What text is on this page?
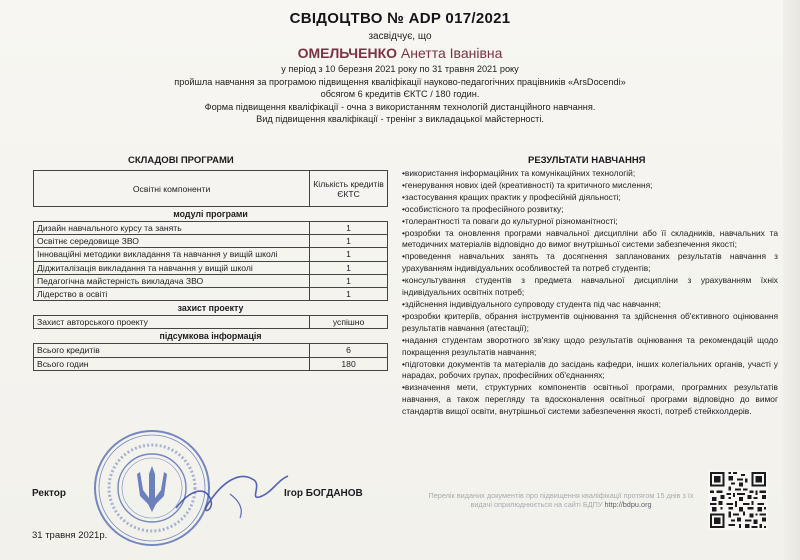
СВІДОЦТВО № ADP 017/2021
засвідчує, що
ОМЕЛЬЧЕНКО Анетта Іванівна
у період з 10 березня 2021 року по 31 травня 2021 року
пройшла навчання за програмою підвищення кваліфікації науково-педагогічних працівників «ArsDocendi»
обсягом 6 кредитів ЄКТС / 180 годин.
Форма підвищення кваліфікації - очна з використанням технологій дистанційного навчання.
Вид підвищення кваліфікації - тренінг з викладацької майстерності.
СКЛАДОВІ ПРОГРАМИ	РЕЗУЛЬТАТИ НАВЧАННЯ
Освітні компоненти	Кількість кредитів ЄКТС
модулі програми	
Дизайн навчального курсу та занять	1
Освітнє середовище ЗВО	1
Інноваційні методики викладання та навчання у вищій школі	1
Діджиталізація викладання та навчання у вищій школі	1
Педагогічна майстерність викладача ЗВО	1
Лідерство в освіті	1
захист проекту	
Захист авторського проекту	успішно
підсумкова інформація	
Всього кредитів	6
Всього годин	180
•використання інформаційних та комунікаційних технологій;
•генерування нових ідей (креативності) та критичного мислення;
•застосування кращих практик у професійній діяльності;
•особистісного та професійного розвитку;
•толерантності та поваги до культурної різноманітності;
•розробки та оновлення програми навчальної дисципліни або її складників, навчальних та методичних матеріалів відповідно до вимог внутрішньої системи забезпечення якості;
•проведення навчальних занять та досягнення запланованих результатів навчання з урахуванням індивідуальних особливостей та потреб студентів;
•консультування студентів з предмета навчальної дисципліни з урахуванням їхніх індивідуальних освітніх потреб;
•здійснення індивідуального супроводу студента під час навчання;
•розробки критеріїв, обрання інструментів оцінювання та здійснення об'єктивного оцінювання результатів навчання (атестації);
•надання студентам зворотного зв'язку щодо результатів оцінювання та рекомендацій щодо покращення результатів навчання;
•підготовки документів та матеріалів до засідань кафедри, інших колегіальних органів, участі у нарадах, робочих групах, професійних об'єднаннях;
•визначення мети, структурних компонентів освітньої програми, програмних результатів навчання, а також перегляду та вдосконалення освітньої програми відповідно до вимог стандартів вищої освіти, внутрішньої системи забезпечення якості, потреб стейкхолдерів.
Ректор	Ігор БОГДАНОВ
31 травня 2021р.
Перелік виданих документів про підвищення кваліфікації протягом 15 днів з їх видачі оприлюднюється на сайті БДПУ http://bdpu.org
